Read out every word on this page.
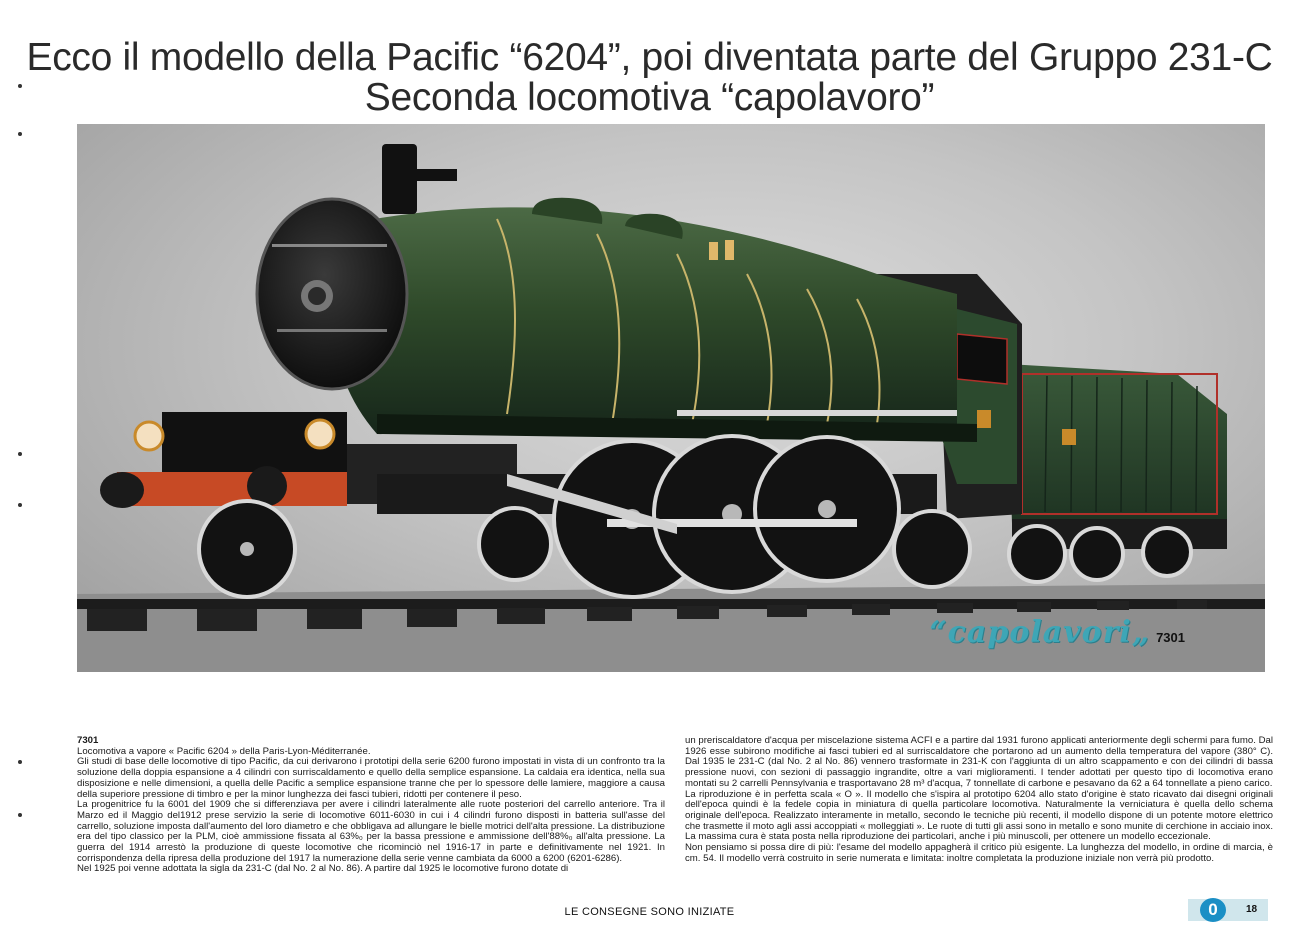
Ecco il modello della Pacific “6204”, poi diventata parte del Gruppo 231-C
Seconda locomotiva “capolavoro”
“capolavori„ 7301

7301

Locomotiva a vapore « Pacific 6204 » della Paris-Lyon-Méditerranée.

Gli studi di base delle locomotive di tipo Pacific, da cui derivarono i prototipi della serie 6200 furono impostati in vista di un confronto tra la soluzione della doppia espansione a 4 cilindri con surriscaldamento e quello della semplice espansione. La caldaia era identica, nella sua disposizione e nelle dimensioni, a quella delle Pacific a semplice espansione tranne che per lo spessore delle lamiere, maggiore a causa della superiore pressione di timbro e per la minor lunghezza dei fasci tubieri, ridotti per contenere il peso.

La progenitrice fu la 6001 del 1909 che si differenziava per avere i cilindri lateralmente alle ruote posteriori del carrello anteriore. Tra il Marzo ed il Maggio del1912 prese servizio la serie di locomotive 6011-6030 in cui i 4 cilindri furono disposti in batteria sull'asse del carrello, soluzione imposta dall'aumento del loro diametro e che obbligava ad allungare le bielle motrici dell'alta pressione. La distribuzione era del tipo classico per la PLM, cioè ammissione fissata al 63%₀ per la bassa pressione e ammissione dell'88%₀ all'alta pressione. La guerra del 1914 arrestò la produzione di queste locomotive che ricominciò nel 1916-17 in parte e definitivamente nel 1921. In corrispondenza della ripresa della produzione del 1917 la numerazione della serie venne cambiata da 6000 a 6200 (6201-6286).

Nel 1925 poi venne adottata la sigla da 231-C (dal No. 2 al No. 86). A partire dal 1925 le locomotive furono dotate di

un preriscaldatore d'acqua per miscelazione sistema ACFI e a partire dal 1931 furono applicati anteriormente degli schermi para fumo. Dal 1926 esse subirono modifiche ai fasci tubieri ed al surriscaldatore che portarono ad un aumento della temperatura del vapore (380° C). Dal 1935 le 231-C (dal No. 2 al No. 86) vennero trasformate in 231-K con l'aggiunta di un altro scappamento e con dei cilindri di bassa pressione nuovi, con sezioni di passaggio ingrandite, oltre a vari miglioramenti. I tender adottati per questo tipo di locomotiva erano montati su 2 carrelli Pennsylvania e trasportavano 28 m³ d'acqua, 7 tonnellate di carbone e pesavano da 62 a 64 tonnellate a pieno carico.

La riproduzione è in perfetta scala « O ». Il modello che s'ispira al prototipo 6204 allo stato d'origine è stato ricavato dai disegni originali dell'epoca quindi è la fedele copia in miniatura di quella particolare locomotiva. Naturalmente la verniciatura è quella dello schema originale dell'epoca. Realizzato interamente in metallo, secondo le tecniche più recenti, il modello dispone di un potente motore elettrico che trasmette il moto agli assi accoppiati « molleggiati ». Le ruote di tutti gli assi sono in metallo e sono munite di cerchione in acciaio inox. La massima cura è stata posta nella riproduzione dei particolari, anche i più minuscoli, per ottenere un modello eccezionale.

Non pensiamo si possa dire di più: l'esame del modello appagherà il critico più esigente. La lunghezza del modello, in ordine di marcia, è cm. 54. Il modello verrà costruito in serie numerata e limitata: inoltre completata la produzione iniziale non verrà più prodotto.

LE CONSEGNE SONO INIZIATE	0	18
